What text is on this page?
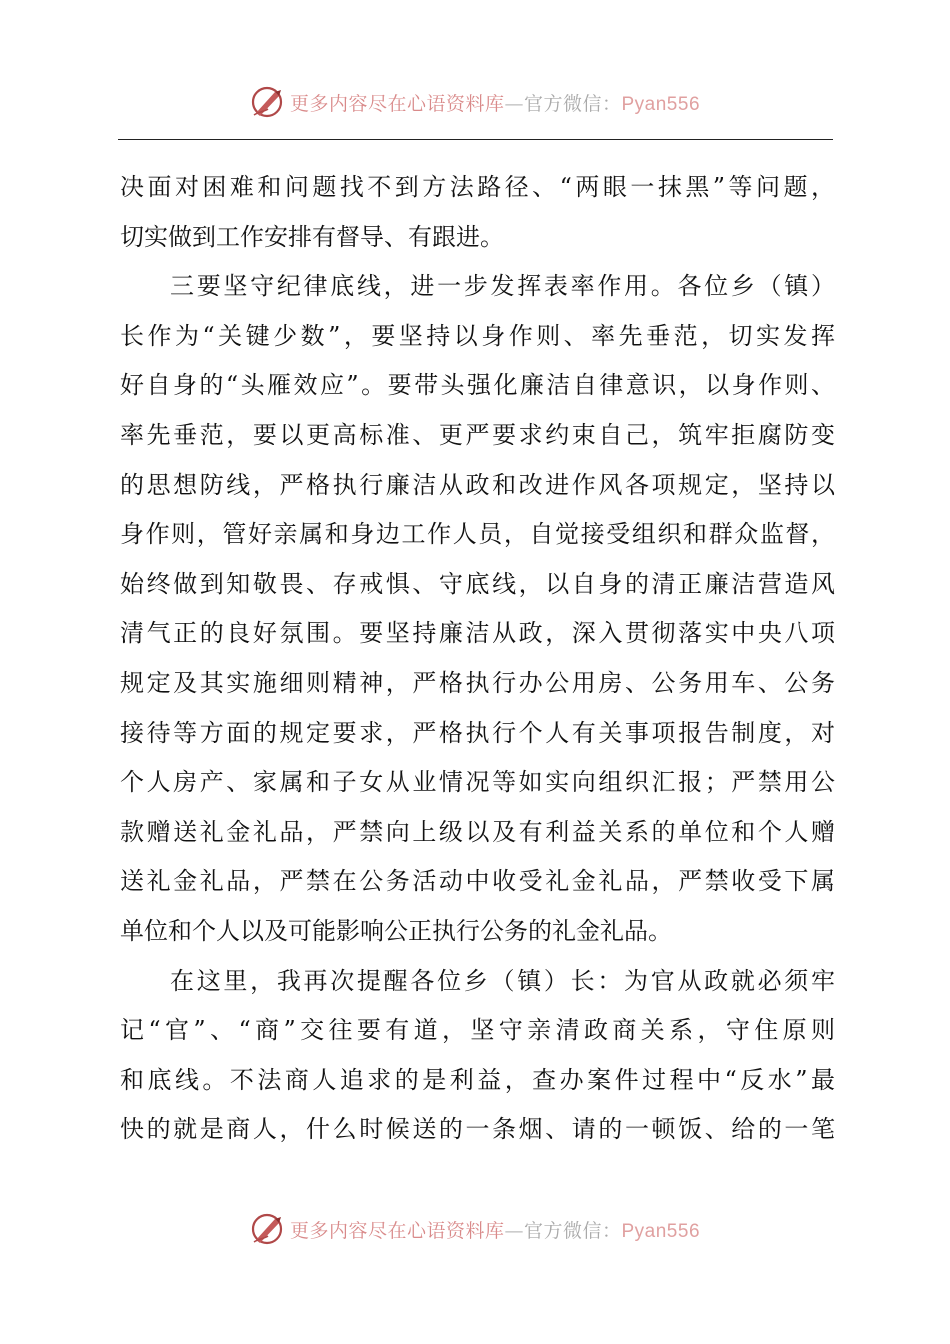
更多内容尽在心语资料库—官方微信：Pyan556
决面对困难和问题找不到方法路径、“两眼一抹黑”等问题，
切实做到工作安排有督导、有跟进。
三要坚守纪律底线，进一步发挥表率作用。各位乡（镇）
长作为“关键少数”，要坚持以身作则、率先垂范，切实发挥
好自身的“头雁效应”。要带头强化廉洁自律意识，以身作则、
率先垂范，要以更高标准、更严要求约束自己，筑牢拒腐防变
的思想防线，严格执行廉洁从政和改进作风各项规定，坚持以
身作则，管好亲属和身边工作人员，自觉接受组织和群众监督，
始终做到知敬畏、存戒惧、守底线，以自身的清正廉洁营造风
清气正的良好氛围。要坚持廉洁从政，深入贯彻落实中央八项
规定及其实施细则精神，严格执行办公用房、公务用车、公务
接待等方面的规定要求，严格执行个人有关事项报告制度，对
个人房产、家属和子女从业情况等如实向组织汇报；严禁用公
款赠送礼金礼品，严禁向上级以及有利益关系的单位和个人赠
送礼金礼品，严禁在公务活动中收受礼金礼品，严禁收受下属
单位和个人以及可能影响公正执行公务的礼金礼品。
在这里，我再次提醒各位乡（镇）长：为官从政就必须牢
记“官”、“商”交往要有道，坚守亲清政商关系，守住原则
和底线。不法商人追求的是利益，查办案件过程中“反水”最
快的就是商人，什么时候送的一条烟、请的一顿饭、给的一笔
更多内容尽在心语资料库—官方微信：Pyan556
